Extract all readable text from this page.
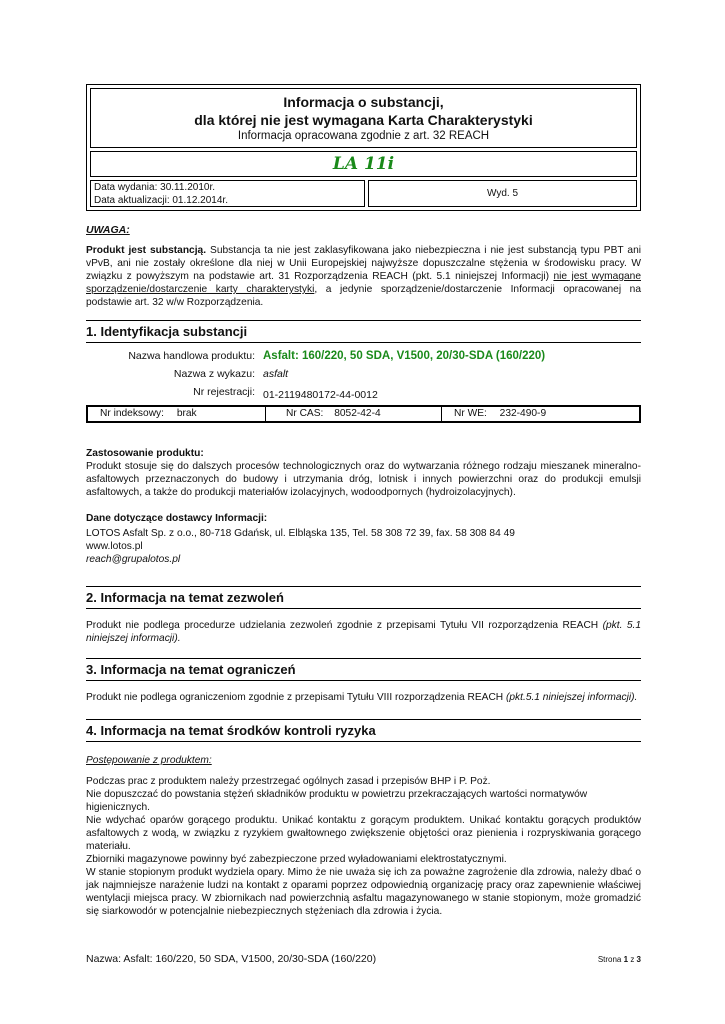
Informacja o substancji,
dla której nie jest wymagana Karta Charakterystyki
Informacja opracowana zgodnie z art. 32 REACH
LA 11i
Data wydania: 30.11.2010r.
Data aktualizacji: 01.12.2014r.
Wyd. 5
UWAGA:
Produkt jest substancją. Substancja ta nie jest zaklasyfikowana jako niebezpieczna i nie jest substancją typu PBT ani vPvB, ani nie zostały określone dla niej w Unii Europejskiej najwyższe dopuszczalne stężenia w środowisku pracy. W związku z powyższym na podstawie art. 31 Rozporządzenia REACH (pkt. 5.1 niniejszej Informacji) nie jest wymagane sporządzenie/dostarczenie karty charakterystyki, a jedynie sporządzenie/dostarczenie Informacji opracowanej na podstawie art. 32 w/w Rozporządzenia.
1. Identyfikacja substancji
Nazwa handlowa produktu: Asfalt: 160/220, 50 SDA, V1500, 20/30-SDA (160/220)
Nazwa z wykazu: asfalt
Nr rejestracji: 01-2119480172-44-0012
Nr indeksowy: brak	Nr CAS: 8052-42-4	Nr WE: 232-490-9
Zastosowanie produktu:
Produkt stosuje się do dalszych procesów technologicznych oraz do wytwarzania różnego rodzaju mieszanek mineralno-asfaltowych przeznaczonych do budowy i utrzymania dróg, lotnisk i innych powierzchni oraz do produkcji emulsji asfaltowych, a także do produkcji materiałów izolacyjnych, wodoodpornych (hydroizolacyjnych).
Dane dotyczące dostawcy Informacji:
LOTOS Asfalt Sp. z o.o., 80-718 Gdańsk, ul. Elbląska 135, Tel. 58 308 72 39, fax. 58 308 84 49
www.lotos.pl
reach@grupalotos.pl
2. Informacja na temat zezwoleń
Produkt nie podlega procedurze udzielania zezwoleń zgodnie z przepisami Tytułu VII rozporządzenia REACH (pkt. 5.1 niniejszej informacji).
3. Informacja na temat ograniczeń
Produkt nie podlega ograniczeniom zgodnie z przepisami Tytułu VIII rozporządzenia REACH (pkt.5.1 niniejszej informacji).
4. Informacja na temat środków kontroli ryzyka
Postępowanie z produktem:
Podczas prac z produktem należy przestrzegać ogólnych zasad i przepisów BHP i P. Poż.
Nie dopuszczać do powstania stężeń składników produktu w powietrzu przekraczających wartości normatywów higienicznych.
Nie wdychać oparów gorącego produktu. Unikać kontaktu z gorącym produktem. Unikać kontaktu gorących produktów asfaltowych z wodą, w związku z ryzykiem gwałtownego zwiększenie objętości oraz pienienia i rozpryskiwania gorącego materiału.
Zbiorniki magazynowe powinny być zabezpieczone przed wyładowaniami elektrostatycznymi.
W stanie stopionym produkt wydziela opary. Mimo że nie uważa się ich za poważne zagrożenie dla zdrowia, należy dbać o jak najmniejsze narażenie ludzi na kontakt z oparami poprzez odpowiednią organizację pracy oraz zapewnienie właściwej wentylacji miejsca pracy. W zbiornikach nad powierzchnią asfaltu magazynowanego w stanie stopionym, może gromadzić się siarkowodór w potencjalnie niebezpiecznych stężeniach dla zdrowia i życia.
Nazwa: Asfalt: 160/220, 50 SDA, V1500, 20/30-SDA (160/220)	Strona 1 z 3
